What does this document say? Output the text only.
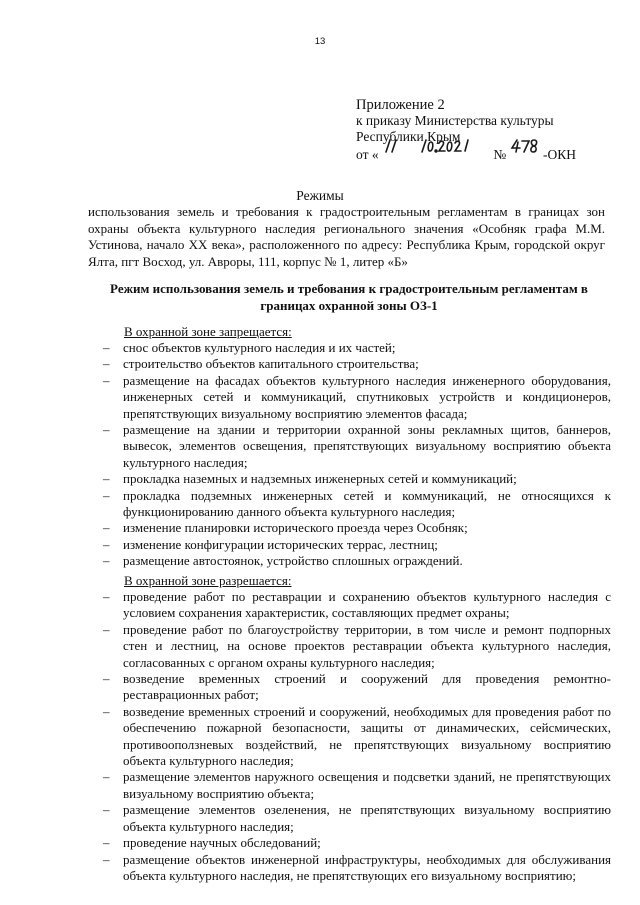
13
Приложение 2
к приказу Министерства культуры
Республики Крым
от «	№	-ОКН
Режимы
использования земель и требования к градостроительным регламентам в границах зон охраны объекта культурного наследия регионального значения «Особняк графа М.М. Устинова, начало XX века», расположенного по адресу: Республика Крым, городской округ Ялта, пгт Восход, ул. Авроры, 111, корпус № 1, литер «Б»
Режим использования земель и требования к градостроительным регламентам в границах охранной зоны ОЗ-1
В охранной зоне запрещается:
– снос объектов культурного наследия и их частей;
– строительство объектов капитального строительства;
– размещение на фасадах объектов культурного наследия инженерного оборудования, инженерных сетей и коммуникаций, спутниковых устройств и кондиционеров, препятствующих визуальному восприятию элементов фасада;
– размещение на здании и территории охранной зоны рекламных щитов, баннеров, вывесок, элементов освещения, препятствующих визуальному восприятию объекта культурного наследия;
– прокладка наземных и надземных инженерных сетей и коммуникаций;
– прокладка подземных инженерных сетей и коммуникаций, не относящихся к функционированию данного объекта культурного наследия;
– изменение планировки исторического проезда через Особняк;
– изменение конфигурации исторических террас, лестниц;
– размещение автостоянок, устройство сплошных ограждений.
В охранной зоне разрешается:
– проведение работ по реставрации и сохранению объектов культурного наследия с условием сохранения характеристик, составляющих предмет охраны;
– проведение работ по благоустройству территории, в том числе и ремонт подпорных стен и лестниц, на основе проектов реставрации объекта культурного наследия, согласованных с органом охраны культурного наследия;
– возведение временных строений и сооружений для проведения ремонтно-реставрационных работ;
– возведение временных строений и сооружений, необходимых для проведения работ по обеспечению пожарной безопасности, защиты от динамических, сейсмических, противооползневых воздействий, не препятствующих визуальному восприятию объекта культурного наследия;
– размещение элементов наружного освещения и подсветки зданий, не препятствующих визуальному восприятию объекта;
– размещение элементов озеленения, не препятствующих визуальному восприятию объекта культурного наследия;
– проведение научных обследований;
– размещение объектов инженерной инфраструктуры, необходимых для обслуживания объекта культурного наследия, не препятствующих его визуальному восприятию;
